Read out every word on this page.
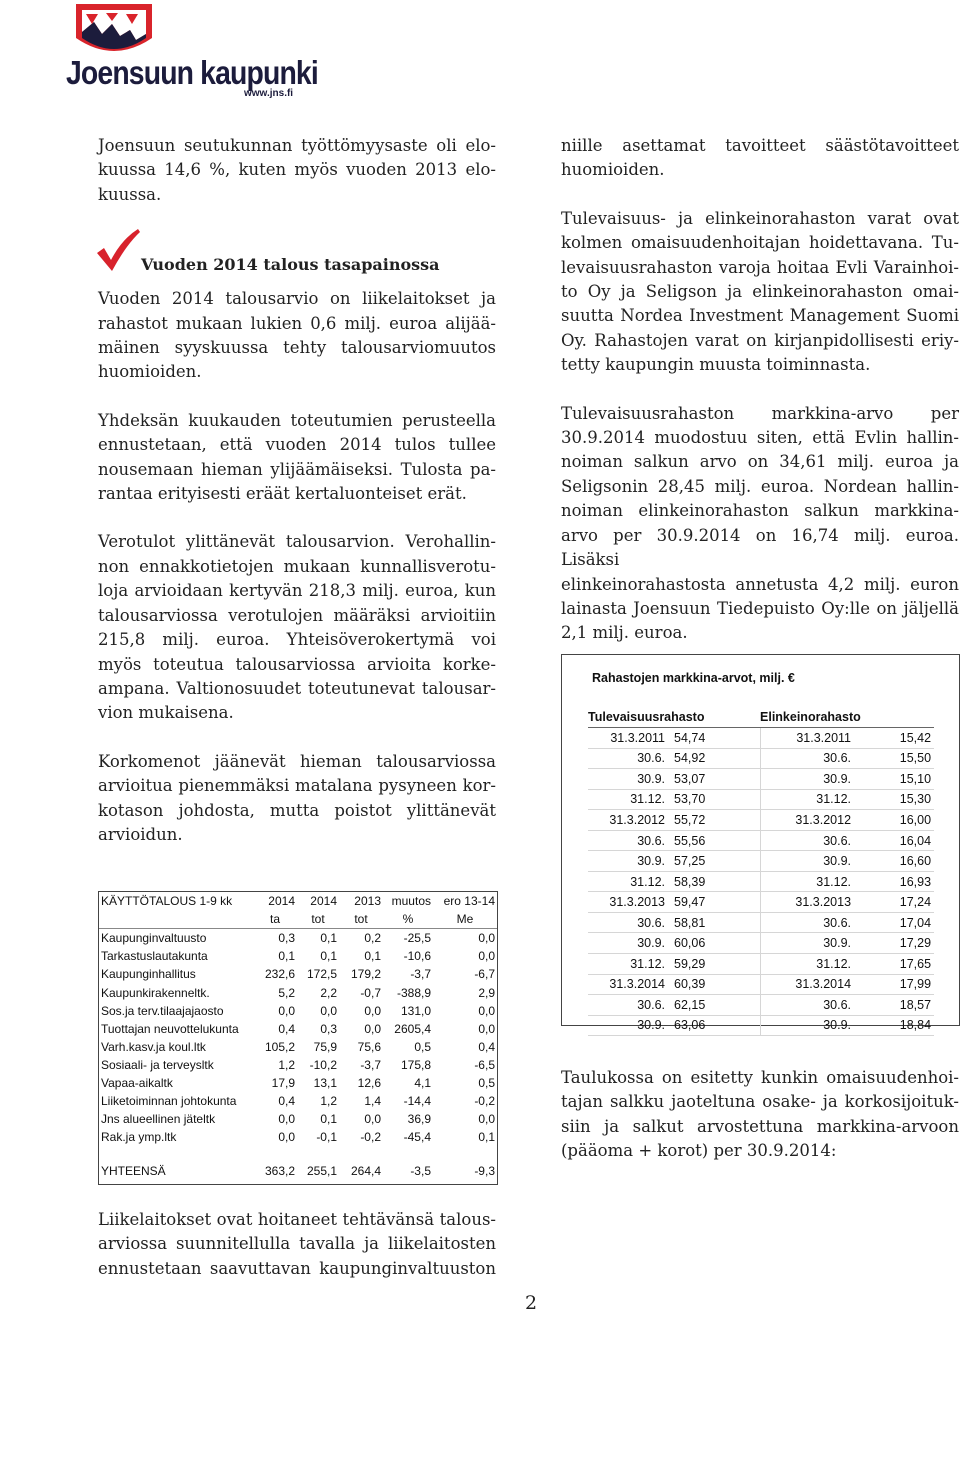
Joensuun kaupunki
www.jns.fi

Joensuun seutukunnan työttömyysaste oli elo-
kuussa 14,6 %, kuten myös vuoden 2013 elo-
kuussa.

Vuoden 2014 talous tasapainossa

Vuoden 2014 talousarvio on liikelaitokset ja
rahastot mukaan lukien 0,6 milj. euroa alijää-
mäinen syyskuussa tehty talousarviomuutos
huomioiden.

Yhdeksän kuukauden toteutumien perusteella
ennustetaan, että vuoden 2014 tulos tullee
nousemaan hieman ylijäämäiseksi. Tulosta pa-
rantaa erityisesti eräät kertaluonteiset erät.

Verotulot ylittänevät talousarvion. Verohallin-
non ennakkotietojen mukaan kunnallisverotu-
loja arvioidaan kertyvän 218,3 milj. euroa, kun
talousarviossa verotulojen määräksi arvioitiin
215,8 milj. euroa. Yhteisöverokertymä voi
myös toteutua talousarviossa arvioita korke-
ampana. Valtionosuudet toteutunevat talousar-
vion mukaisena.

Korkomenot jäänevät hieman talousarviossa
arvioitua pienemmäksi matalana pysyneen kor-
kotason johdosta, mutta poistot ylittänevät
arvioidun.

niille asettamat tavoitteet säästötavoitteet
huomioiden.

Tulevaisuus- ja elinkeinorahaston varat ovat
kolmen omaisuudenhoitajan hoidettavana. Tu-
levaisuusrahaston varoja hoitaa Evli Varainhoi-
to Oy ja Seligson ja elinkeinorahaston omai-
suutta Nordea Investment Management Suomi
Oy. Rahastojen varat on kirjanpidollisesti eriy-
tetty kaupungin muusta toiminnasta.

Tulevaisuusrahaston markkina-arvo per
30.9.2014 muodostuu siten, että Evlin hallin-
noiman salkun arvo on 34,61 milj. euroa ja
Seligsonin 28,45 milj. euroa. Nordean hallin-
noiman elinkeinorahaston salkun markkina-
arvo per 30.9.2014 on 16,74 milj. euroa. Lisäksi
elinkeinorahastosta annetusta 4,2 milj. euron
lainasta Joensuun Tiedepuisto Oy:lle on jäljellä
2,1 milj. euroa.

KÄYTTÖTALOUS 1-9 kk	2014	2014	2013	muutos	ero 13-14
	ta	tot	tot	%	Me
Kaupunginvaltuusto	0,3	0,1	0,2	-25,5	0,0
Tarkastuslautakunta	0,1	0,1	0,1	-10,6	0,0
Kaupunginhallitus	232,6	172,5	179,2	-3,7	-6,7
Kaupunkirakenneltk.	5,2	2,2	-0,7	-388,9	2,9
Sos.ja terv.tilaajajaosto	0,0	0,0	0,0	131,0	0,0
Tuottajan neuvottelukunta	0,4	0,3	0,0	2605,4	0,0
Varh.kasv.ja koul.ltk	105,2	75,9	75,6	0,5	0,4
Sosiaali- ja terveysltk	1,2	-10,2	-3,7	175,8	-6,5
Vapaa-aikaltk	17,9	13,1	12,6	4,1	0,5
Liiketoiminnan johtokunta	0,4	1,2	1,4	-14,4	-0,2
Jns alueellinen jäteltk	0,0	0,1	0,0	36,9	0,0
Rak.ja ymp.ltk	0,0	-0,1	-0,2	-45,4	0,1

YHTEENSÄ	363,2	255,1	264,4	-3,5	-9,3
Rahastojen markkina-arvot, milj. €
Tulevaisuusrahasto		Elinkeinorahasto	
31.3.2011	54,74	31.3.2011	15,42
30.6.	54,92	30.6.	15,50
30.9.	53,07	30.9.	15,10
31.12.	53,70	31.12.	15,30
31.3.2012	55,72	31.3.2012	16,00
30.6.	55,56	30.6.	16,04
30.9.	57,25	30.9.	16,60
31.12.	58,39	31.12.	16,93
31.3.2013	59,47	31.3.2013	17,24
30.6.	58,81	30.6.	17,04
30.9.	60,06	30.9.	17,29
31.12.	59,29	31.12.	17,65
31.3.2014	60,39	31.3.2014	17,99
30.6.	62,15	30.6.	18,57
30.9.	63,06	30.9.	18,84

Liikelaitokset ovat hoitaneet tehtävänsä talous-
arviossa suunnitellulla tavalla ja liikelaitosten
ennustetaan saavuttavan kaupunginvaltuuston

Taulukossa on esitetty kunkin omaisuudenhoi-
tajan salkku jaoteltuna osake- ja korkosijoituk-
siin ja salkut arvostettuna markkina-arvoon
(pääoma + korot) per 30.9.2014:

2
